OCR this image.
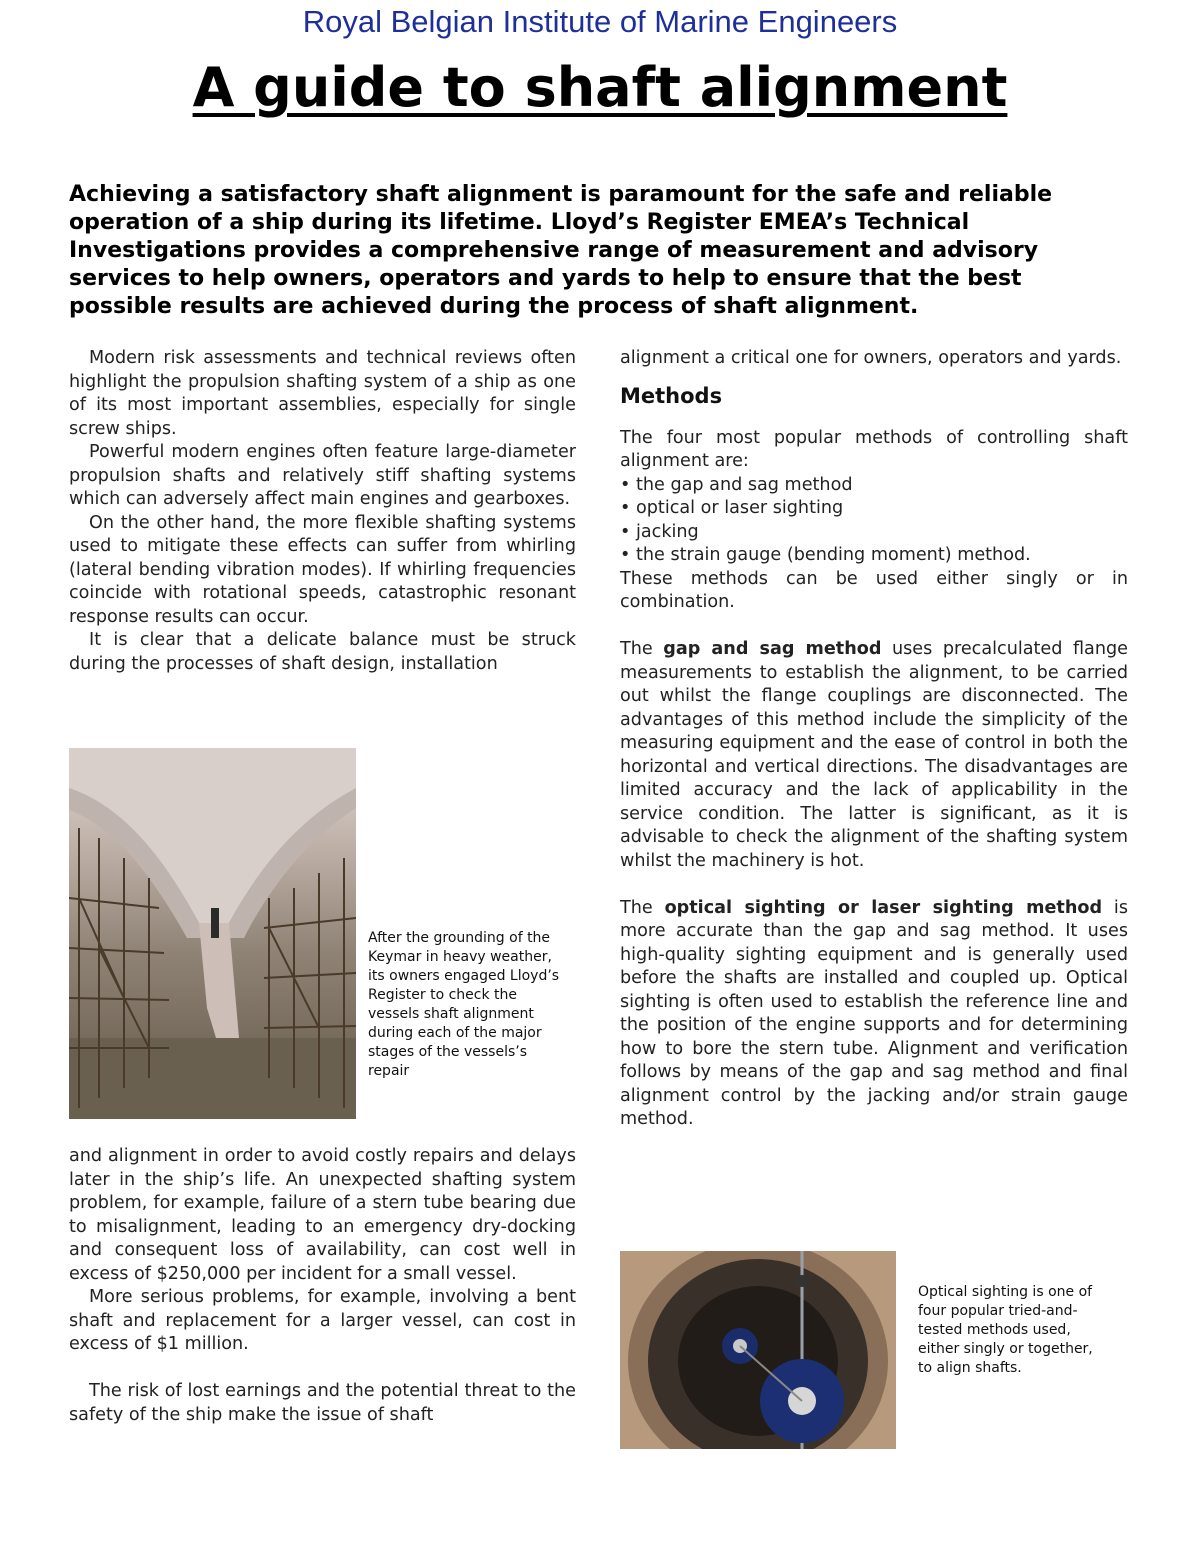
Royal Belgian Institute of Marine Engineers
A guide to shaft alignment

Achieving a satisfactory shaft alignment is paramount for the safe and reliable operation of a ship during its lifetime. Lloyd’s Register EMEA’s Technical Investigations provides a comprehensive range of measurement and advisory services to help owners, operators and yards to help to ensure that the best possible results are achieved during the process of shaft alignment.

Modern risk assessments and technical reviews often highlight the propulsion shafting system of a ship as one of its most important assemblies, especially for single screw ships.

Powerful modern engines often feature large-diameter propulsion shafts and relatively stiff shafting systems which can adversely affect main engines and gearboxes.

On the other hand, the more flexible shafting systems used to mitigate these effects can suffer from whirling (lateral bending vibration modes). If whirling frequencies coincide with rotational speeds, catastrophic resonant response results can occur.

It is clear that a delicate balance must be struck during the processes of shaft design, installation

After the grounding of the Keymar in heavy weather, its owners engaged Lloyd’s Register to check the vessels shaft alignment during each of the major stages of the vessels’s repair

and alignment in order to avoid costly repairs and delays later in the ship’s life. An unexpected shafting system problem, for example, failure of a stern tube bearing due to misalignment, leading to an emergency dry-docking and consequent loss of availability, can cost well in excess of $250,000 per incident for a small vessel.

More serious problems, for example, involving a bent shaft and replacement for a larger vessel, can cost in excess of $1 million.

The risk of lost earnings and the potential threat to the safety of the ship make the issue of shaft

alignment a critical one for owners, operators and yards.

Methods

The four most popular methods of controlling shaft alignment are:

• the gap and sag method
• optical or laser sighting
• jacking
• the strain gauge (bending moment) method.

These methods can be used either singly or in combination.

The gap and sag method uses precalculated flange measurements to establish the alignment, to be carried out whilst the flange couplings are disconnected. The advantages of this method include the simplicity of the measuring equipment and the ease of control in both the horizontal and vertical directions. The disadvantages are limited accuracy and the lack of applicability in the service condition. The latter is significant, as it is advisable to check the alignment of the shafting system whilst the machinery is hot.

The optical sighting or laser sighting method is more accurate than the gap and sag method. It uses high-quality sighting equipment and is generally used before the shafts are installed and coupled up. Optical sighting is often used to establish the reference line and the position of the engine supports and for determining how to bore the stern tube. Alignment and verification follows by means of the gap and sag method and final alignment control by the jacking and/or strain gauge method.

Optical sighting is one of four popular tried-and-tested methods used, either singly or together, to align shafts.
